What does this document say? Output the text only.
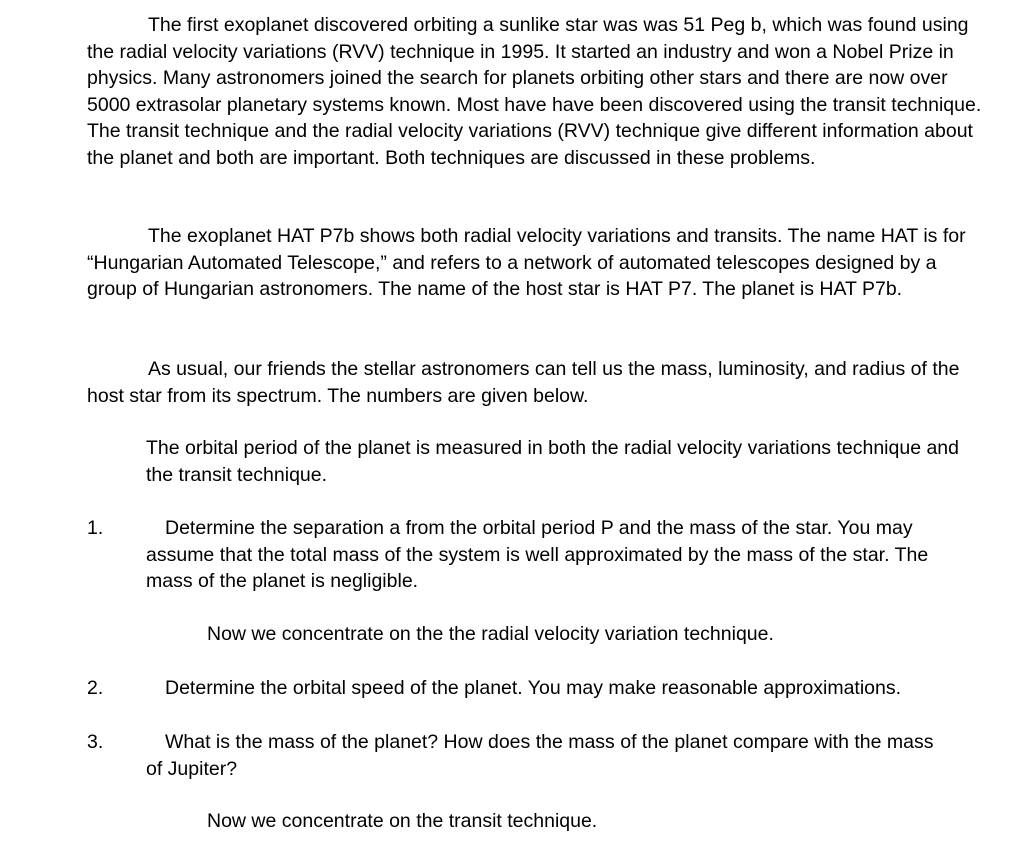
The first exoplanet discovered orbiting a sunlike star was was 51 Peg b, which was found using the radial velocity variations (RVV) technique in 1995. It started an industry and won a Nobel Prize in physics. Many astronomers joined the search for planets orbiting other stars and there are now over 5000 extrasolar planetary systems known. Most have have been discovered using the transit technique. The transit technique and the radial velocity variations (RVV) technique give different information about the planet and both are important. Both techniques are discussed in these problems.

The exoplanet HAT P7b shows both radial velocity variations and transits. The name HAT is for “Hungarian Automated Telescope,” and refers to a network of automated telescopes designed by a group of Hungarian astronomers. The name of the host star is HAT P7. The planet is HAT P7b.

As usual, our friends the stellar astronomers can tell us the mass, luminosity, and radius of the host star from its spectrum. The numbers are given below.

The orbital period of the planet is measured in both the radial velocity variations technique and the transit technique.

1.	Determine the separation a from the orbital period P and the mass of the star. You may assume that the total mass of the system is well approximated by the mass of the star. The mass of the planet is negligible.

Now we concentrate on the the radial velocity variation technique.

2.	Determine the orbital speed of the planet. You may make reasonable approximations.

3.	What is the mass of the planet? How does the mass of the planet compare with the mass of Jupiter?

Now we concentrate on the transit technique.
